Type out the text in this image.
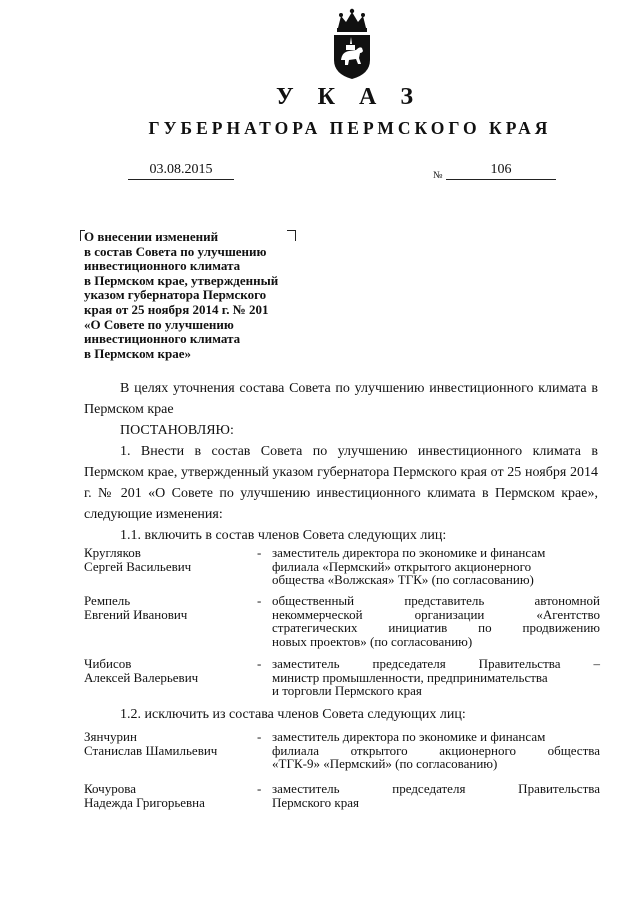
У К А З
ГУБЕРНАТОРА ПЕРМСКОГО КРАЯ
03.08.2015	№	106

О внесении изменений
в состав Совета по улучшению
инвестиционного климата
в Пермском крае, утвержденный
указом губернатора Пермского
края от 25 ноября 2014 г. № 201
«О Совете по улучшению
инвестиционного климата
в Пермском крае»

В целях уточнения состава Совета по улучшению инвестиционного климата в Пермском крае

ПОСТАНОВЛЯЮ:

1. Внести в состав Совета по улучшению инвестиционного климата в Пермском крае, утвержденный указом губернатора Пермского края от 25 ноября 2014 г. № 201 «О Совете по улучшению инвестиционного климата в Пермском крае», следующие изменения:

1.1. включить в состав членов Совета следующих лиц:

Кругляков
Сергей Васильевич
- заместитель директора по экономике и финансам
филиала «Пермский» открытого акционерного
общества «Волжская» ТГК» (по согласованию)
Ремпель
Евгений Иванович
- общественный представитель автономной
некоммерческой организации «Агентство
стратегических инициатив по продвижению
новых проектов» (по согласованию)
Чибисов
Алексей Валерьевич
- заместитель председателя Правительства –
министр промышленности, предпринимательства
и торговли Пермского края

1.2. исключить из состава членов Совета следующих лиц:

Зянчурин
Станислав Шамильевич
- заместитель директора по экономике и финансам
филиала открытого акционерного общества
«ТГК-9» «Пермский» (по согласованию)
Кочурова
Надежда Григорьевна
- заместитель председателя Правительства
Пермского края
